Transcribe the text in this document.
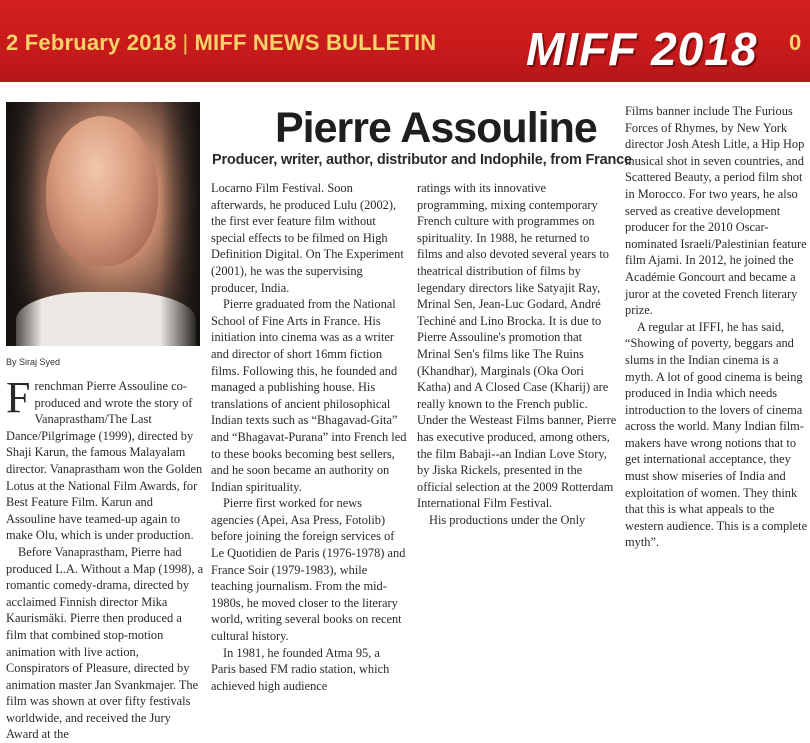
2 February 2018 | MIFF NEWS BULLETIN MIFF 2018 0
By Siraj Syed
Pierre Assouline
Producer, writer, author, distributor and Indophile, from France

Frenchman Pierre Assouline co-produced and wrote the story of Vanaprastham/The Last Dance/Pilgrimage (1999), directed by Shaji Karun, the famous Malayalam director. Vanaprastham won the Golden Lotus at the National Film Awards, for Best Feature Film. Karun and Assouline have teamed-up again to make Olu, which is under production.

Before Vanaprastham, Pierre had produced L.A. Without a Map (1998), a romantic comedy-drama, directed by acclaimed Finnish director Mika Kaurismäki. Pierre then produced a film that combined stop-motion animation with live action, Conspirators of Pleasure, directed by animation master Jan Svankmajer. The film was shown at over fifty festivals worldwide, and received the Jury Award at the

Locarno Film Festival. Soon afterwards, he produced Lulu (2002), the first ever feature film without special effects to be filmed on High Definition Digital. On The Experiment (2001), he was the supervising producer, India.

Pierre graduated from the National School of Fine Arts in France. His initiation into cinema was as a writer and director of short 16mm fiction films. Following this, he founded and managed a publishing house. His translations of ancient philosophical Indian texts such as “Bhagavad-Gita” and “Bhagavat-Purana” into French led to these books becoming best sellers, and he soon became an authority on Indian spirituality.

Pierre first worked for news agencies (Apei, Asa Press, Fotolib) before joining the foreign services of Le Quotidien de Paris (1976-1978) and France Soir (1979-1983), while teaching journalism. From the mid-1980s, he moved closer to the literary world, writing several books on recent cultural history.

In 1981, he founded Atma 95, a Paris based FM radio station, which achieved high audience

ratings with its innovative programming, mixing contemporary French culture with programmes on spirituality. In 1988, he returned to films and also devoted several years to theatrical distribution of films by legendary directors like Satyajit Ray, Mrinal Sen, Jean-Luc Godard, André Techiné and Lino Brocka. It is due to Pierre Assouline's promotion that Mrinal Sen's films like The Ruins (Khandhar), Marginals (Oka Oori Katha) and A Closed Case (Kharij) are really known to the French public. Under the Westeast Films banner, Pierre has executive produced, among others, the film Babaji--an Indian Love Story, by Jiska Rickels, presented in the official selection at the 2009 Rotterdam International Film Festival.

His productions under the Only

Films banner include The Furious Forces of Rhymes, by New York director Josh Atesh Litle, a Hip Hop musical shot in seven countries, and Scattered Beauty, a period film shot in Morocco. For two years, he also served as creative development producer for the 2010 Oscar-nominated Israeli/Palestinian feature film Ajami. In 2012, he joined the Académie Goncourt and became a juror at the coveted French literary prize.

A regular at IFFI, he has said, “Showing of poverty, beggars and slums in the Indian cinema is a myth. A lot of good cinema is being produced in India which needs introduction to the lovers of cinema across the world. Many Indian film-makers have wrong notions that to get international acceptance, they must show miseries of India and exploitation of women. They think that this is what appeals to the western audience. This is a complete myth”.
